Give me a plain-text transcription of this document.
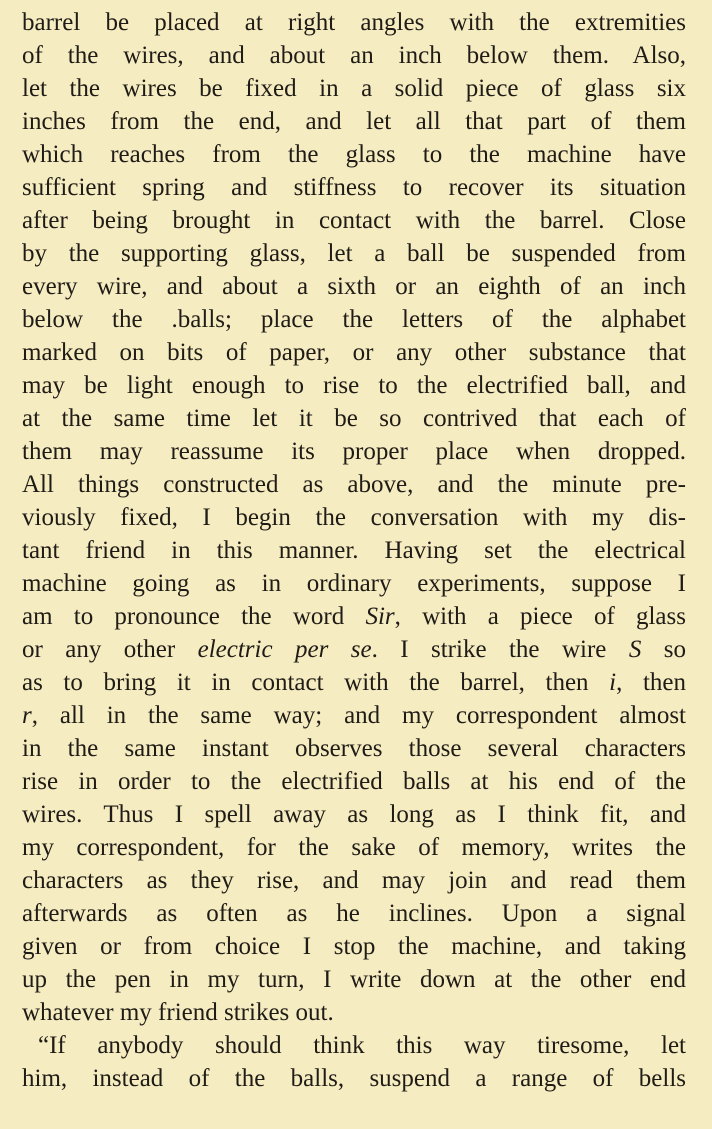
barrel be placed at right angles with the extremities
of the wires, and about an inch below them. Also,
let the wires be fixed in a solid piece of glass six
inches from the end, and let all that part of them
which reaches from the glass to the machine have
sufficient spring and stiffness to recover its situation
after being brought in contact with the barrel. Close
by the supporting glass, let a ball be suspended from
every wire, and about a sixth or an eighth of an inch
below the .balls; place the letters of the alphabet
marked on bits of paper, or any other substance that
may be light enough to rise to the electrified ball, and
at the same time let it be so contrived that each of
them may reassume its proper place when dropped.
All things constructed as above, and the minute pre-
viously fixed, I begin the conversation with my dis-
tant friend in this manner. Having set the electrical
machine going as in ordinary experiments, suppose I
am to pronounce the word Sir, with a piece of glass
or any other electric per se. I strike the wire S so
as to bring it in contact with the barrel, then i, then
r, all in the same way; and my correspondent almost
in the same instant observes those several characters
rise in order to the electrified balls at his end of the
wires. Thus I spell away as long as I think fit, and
my correspondent, for the sake of memory, writes the
characters as they rise, and may join and read them
afterwards as often as he inclines. Upon a signal
given or from choice I stop the machine, and taking
up the pen in my turn, I write down at the other end
whatever my friend strikes out.
“If anybody should think this way tiresome, let
him, instead of the balls, suspend a range of bells
